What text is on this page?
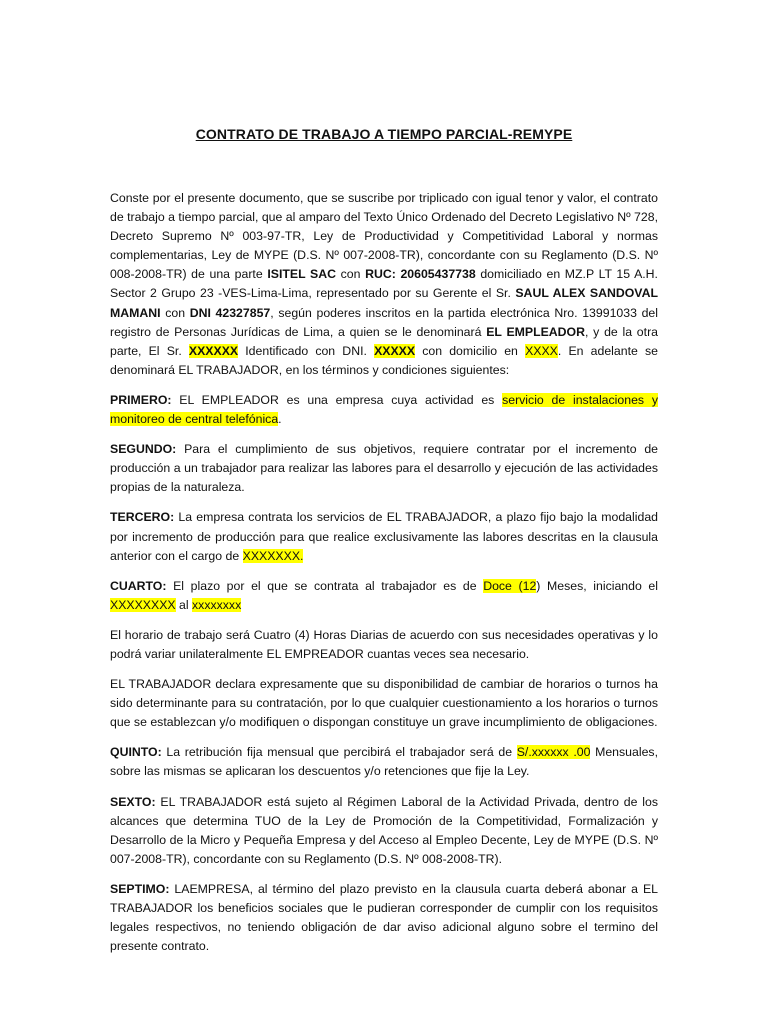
CONTRATO DE TRABAJO A TIEMPO PARCIAL-REMYPE

Conste por el presente documento, que se suscribe por triplicado con igual tenor y valor, el contrato de trabajo a tiempo parcial, que al amparo del Texto Único Ordenado del Decreto Legislativo Nº 728, Decreto Supremo Nº 003-97-TR, Ley de Productividad y Competitividad Laboral y normas complementarias, Ley de MYPE (D.S. Nº 007-2008-TR), concordante con su Reglamento (D.S. Nº 008-2008-TR) de una parte ISITEL SAC con RUC: 20605437738 domiciliado en MZ.P LT 15 A.H. Sector 2 Grupo 23 -VES-Lima-Lima, representado por su Gerente el Sr. SAUL ALEX SANDOVAL MAMANI con DNI 42327857, según poderes inscritos en la partida electrónica Nro. 13991033 del registro de Personas Jurídicas de Lima, a quien se le denominará EL EMPLEADOR, y de la otra parte, El Sr. XXXXXX Identificado con DNI. XXXXX con domicilio en XXXX. En adelante se denominará EL TRABAJADOR, en los términos y condiciones siguientes:

PRIMERO: EL EMPLEADOR es una empresa cuya actividad es servicio de instalaciones y monitoreo de central telefónica.

SEGUNDO: Para el cumplimiento de sus objetivos, requiere contratar por el incremento de producción a un trabajador para realizar las labores para el desarrollo y ejecución de las actividades propias de la naturaleza.

TERCERO: La empresa contrata los servicios de EL TRABAJADOR, a plazo fijo bajo la modalidad por incremento de producción para que realice exclusivamente las labores descritas en la clausula anterior con el cargo de XXXXXXX.

CUARTO: El plazo por el que se contrata al trabajador es de Doce (12) Meses, iniciando el XXXXXXXX al xxxxxxxx

El horario de trabajo será Cuatro (4) Horas Diarias de acuerdo con sus necesidades operativas y lo podrá variar unilateralmente EL EMPREADOR cuantas veces sea necesario.

EL TRABAJADOR declara expresamente que su disponibilidad de cambiar de horarios o turnos ha sido determinante para su contratación, por lo que cualquier cuestionamiento a los horarios o turnos que se establezcan y/o modifiquen o dispongan constituye un grave incumplimiento de obligaciones.

QUINTO: La retribución fija mensual que percibirá el trabajador será de S/.xxxxxx .00 Mensuales, sobre las mismas se aplicaran los descuentos y/o retenciones que fije la Ley.

SEXTO: EL TRABAJADOR está sujeto al Régimen Laboral de la Actividad Privada, dentro de los alcances que determina TUO de la Ley de Promoción de la Competitividad, Formalización y Desarrollo de la Micro y Pequeña Empresa y del Acceso al Empleo Decente, Ley de MYPE (D.S. Nº 007-2008-TR), concordante con su Reglamento (D.S. Nº 008-2008-TR).

SEPTIMO: LAEMPRESA, al término del plazo previsto en la clausula cuarta deberá abonar a EL TRABAJADOR los beneficios sociales que le pudieran corresponder de cumplir con los requisitos legales respectivos, no teniendo obligación de dar aviso adicional alguno sobre el termino del presente contrato.
